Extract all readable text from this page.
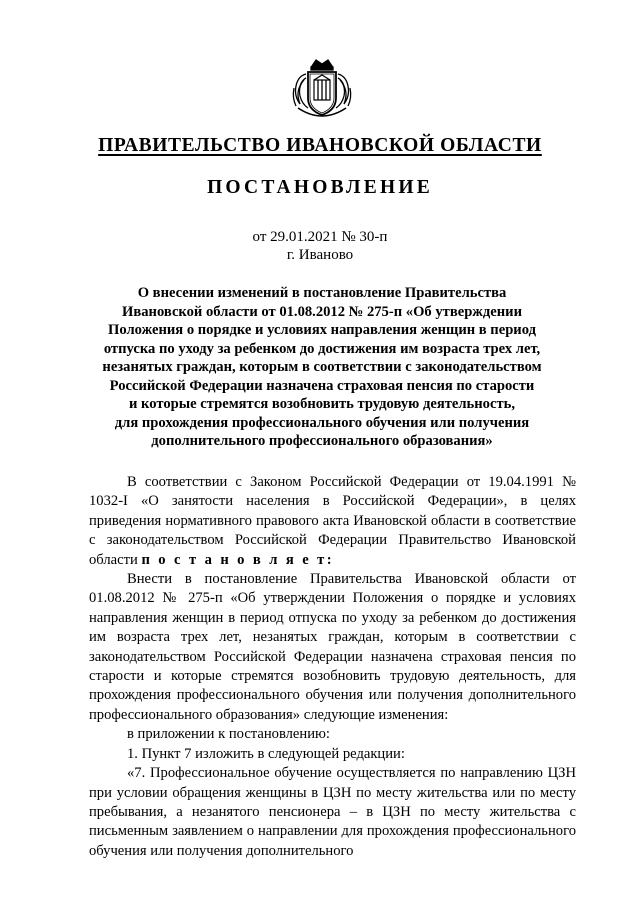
ПРАВИТЕЛЬСТВО ИВАНОВСКОЙ ОБЛАСТИ
ПОСТАНОВЛЕНИЕ
от 29.01.2021 № 30-п
г. Иваново
О внесении изменений в постановление Правительства
Ивановской области от 01.08.2012 № 275-п «Об утверждении
Положения о порядке и условиях направления женщин в период
отпуска по уходу за ребенком до достижения им возраста трех лет,
незанятых граждан, которым в соответствии с законодательством
Российской Федерации назначена страховая пенсия по старости
и которые стремятся возобновить трудовую деятельность,
для прохождения профессионального обучения или получения
дополнительного профессионального образования»

В соответствии с Законом Российской Федерации от 19.04.1991 № 1032-I «О занятости населения в Российской Федерации», в целях приведения нормативного правового акта Ивановской области в соответствие с законодательством Российской Федерации Правительство Ивановской области п о с т а н о в л я е т:

Внести в постановление Правительства Ивановской области от 01.08.2012 № 275-п «Об утверждении Положения о порядке и условиях направления женщин в период отпуска по уходу за ребенком до достижения им возраста трех лет, незанятых граждан, которым в соответствии с законодательством Российской Федерации назначена страховая пенсия по старости и которые стремятся возобновить трудовую деятельность, для прохождения профессионального обучения или получения дополнительного профессионального образования» следующие изменения:

в приложении к постановлению:

1. Пункт 7 изложить в следующей редакции:

«7. Профессиональное обучение осуществляется по направлению ЦЗН при условии обращения женщины в ЦЗН по месту жительства или по месту пребывания, а незанятого пенсионера – в ЦЗН по месту жительства с письменным заявлением о направлении для прохождения профессионального обучения или получения дополнительного
